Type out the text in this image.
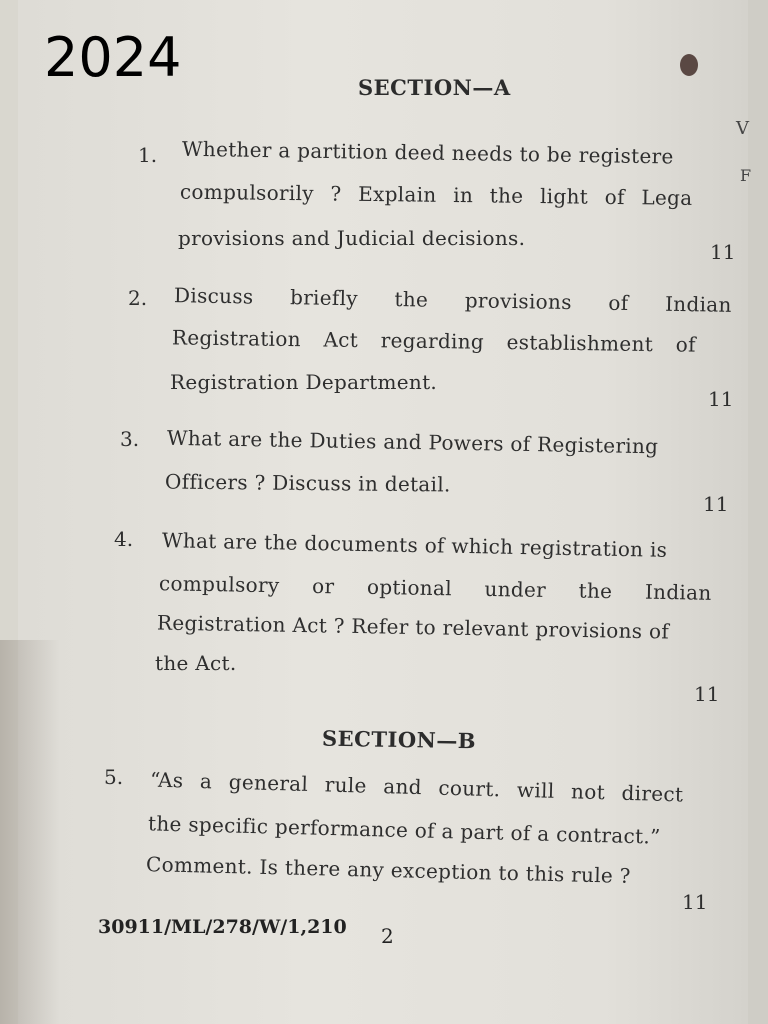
V
F
2024	SECTION—A
1. Whether a partition deed needs to be registere
compulsorily ? Explain in the light of Lega
provisions and Judicial decisions.
11
2. Discuss briefly the provisions of Indian
Registration Act regarding establishment of
Registration Department.
11
3. What are the Duties and Powers of Registering
Officers ? Discuss in detail.
11
4. What are the documents of which registration is
compulsory or optional under the Indian
Registration Act ? Refer to relevant provisions of
the Act.
11
SECTION—B
5. “As a general rule and court. will not direct
the specific performance of a part of a contract.”
Comment. Is there any exception to this rule ?
11
30911/ML/278/W/1,210 2
